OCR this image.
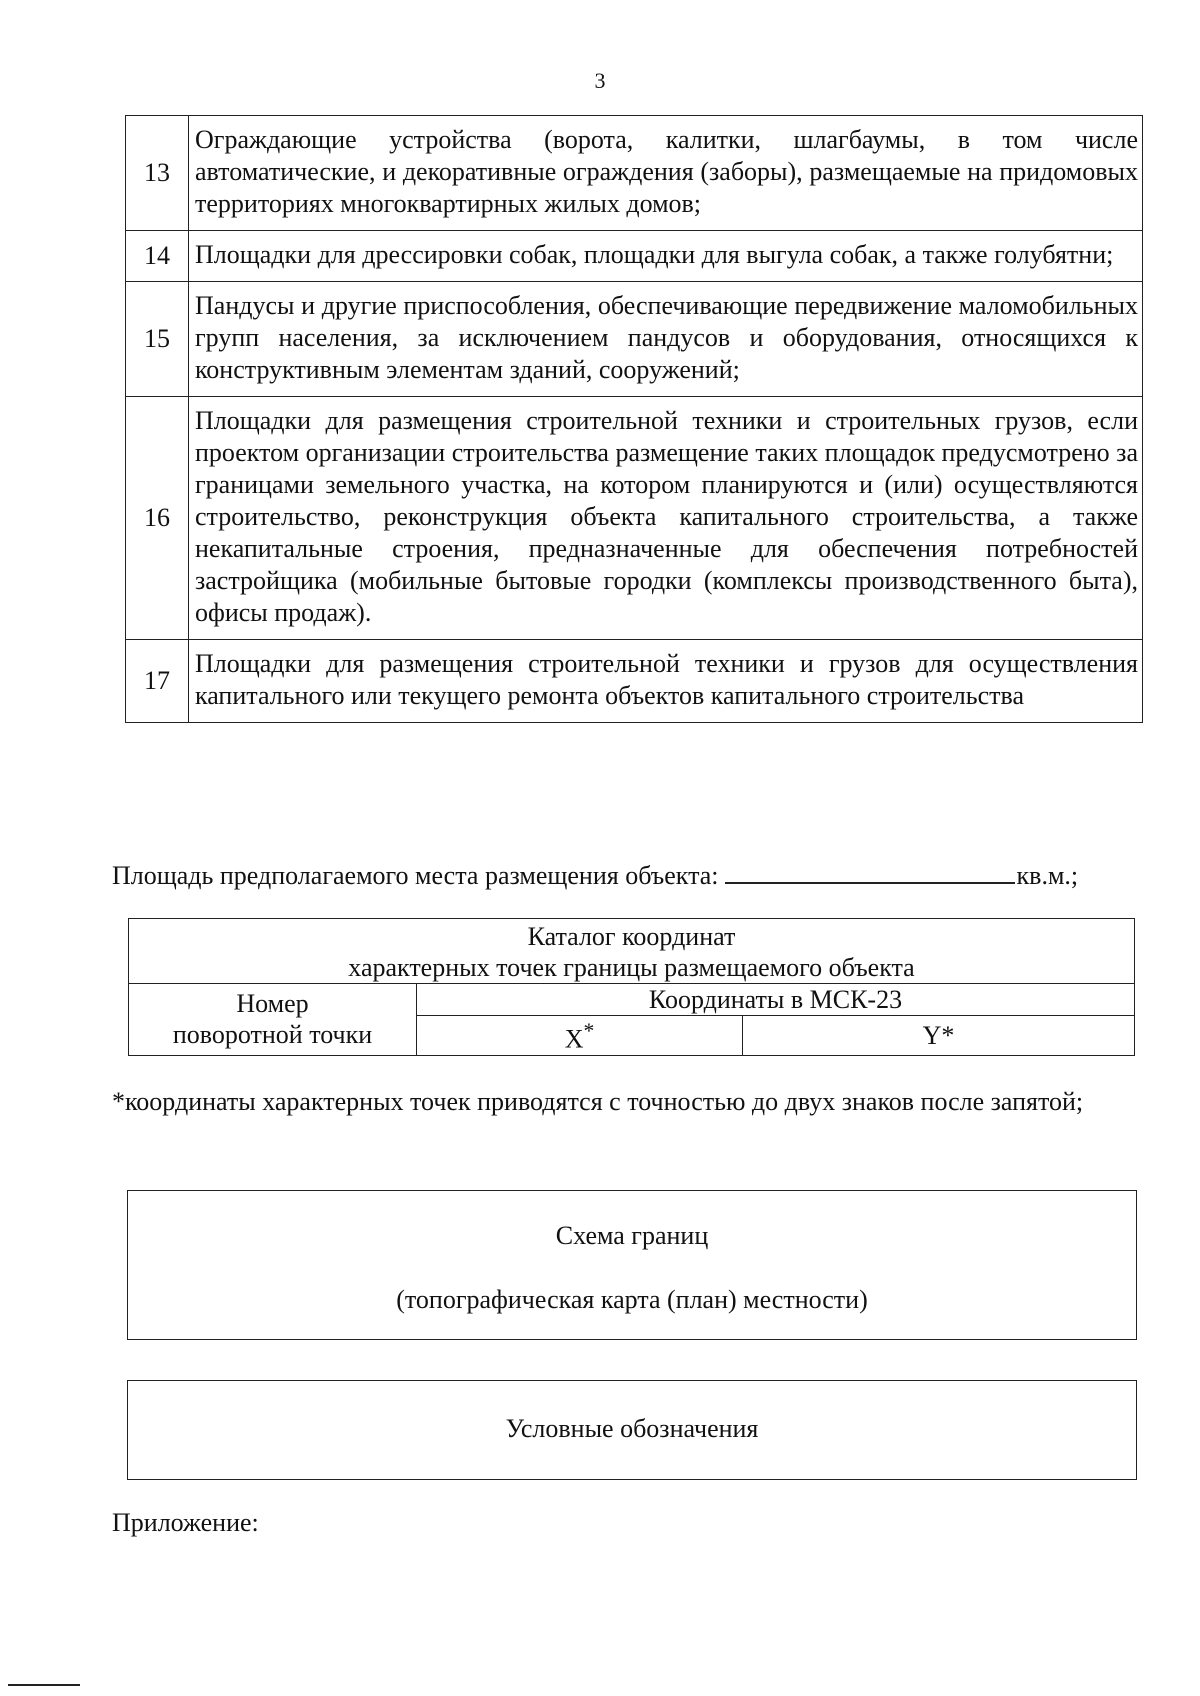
3
13	Ограждающие устройства (ворота, калитки, шлагбаумы, в том числе автоматические, и декоративные ограждения (заборы), размещаемые на придомовых территориях многоквартирных жилых домов;
14	Площадки для дрессировки собак, площадки для выгула собак, а также голубятни;
15	Пандусы и другие приспособления, обеспечивающие передвижение маломобильных групп населения, за исключением пандусов и оборудования, относящихся к конструктивным элементам зданий, сооружений;
16	Площадки для размещения строительной техники и строительных грузов, если проектом организации строительства размещение таких площадок предусмотрено за границами земельного участка, на котором планируются и (или) осуществляются строительство, реконструкция объекта капитального строительства, а также некапитальные строения, предназначенные для обеспечения потребностей застройщика (мобильные бытовые городки (комплексы производственного быта), офисы продаж).
17	Площадки для размещения строительной техники и грузов для осуществления капитального или текущего ремонта объектов капитального строительства
Площадь предполагаемого места размещения объекта:	кв.м.;
Каталог координат
характерных точек границы размещаемого объекта		

Номер
поворотной точки	Координаты в МСК-23	
	X*	Y*
*координаты характерных точек приводятся с точностью до двух знаков после запятой;
Схема границ
(топографическая карта (план) местности)
Условные обозначения
Приложение:
